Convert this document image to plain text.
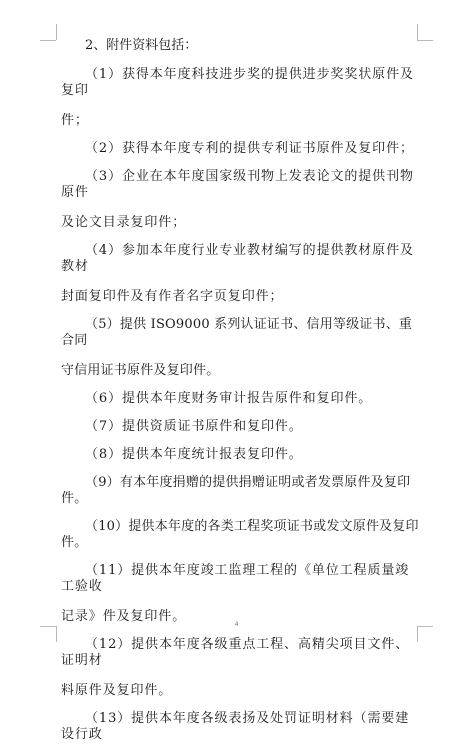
2、附件资料包括：

（1）获得本年度科技进步奖的提供进步奖奖状原件及复印
件；

（2）获得本年度专利的提供专利证书原件及复印件；

（3）企业在本年度国家级刊物上发表论文的提供刊物原件
及论文目录复印件；

（4）参加本年度行业专业教材编写的提供教材原件及教材
封面复印件及有作者名字页复印件；

（5）提供 ISO9000 系列认证证书、信用等级证书、重合同
守信用证书原件及复印件。

（6）提供本年度财务审计报告原件和复印件。

（7）提供资质证书原件和复印件。

（8）提供本年度统计报表复印件。

（9）有本年度捐赠的提供捐赠证明或者发票原件及复印件。

（10）提供本年度的各类工程奖项证书或发文原件及复印件。

（11）提供本年度竣工监理工程的《单位工程质量竣工验收
记录》件及复印件。

（12）提供本年度各级重点工程、高精尖项目文件、证明材
料原件及复印件。

（13）提供本年度各级表扬及处罚证明材料（需要建设行政

4
